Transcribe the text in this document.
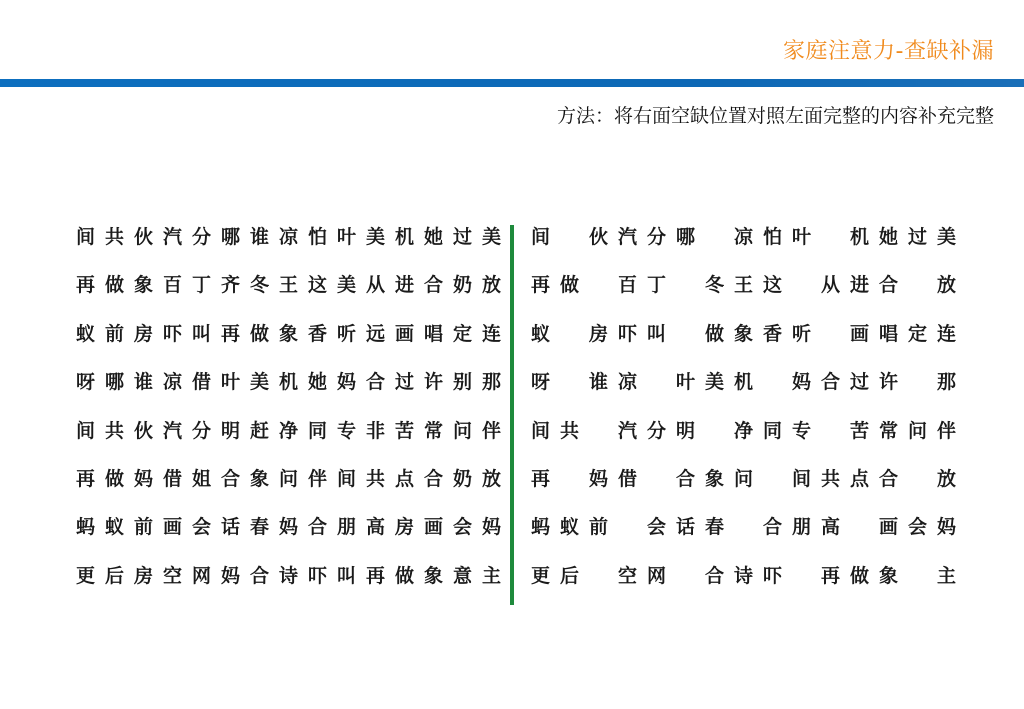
家庭注意力-查缺补漏
方法：将右面空缺位置对照左面完整的内容补充完整
间 共 伙 汽 分 哪 谁 凉 怕 叶 美 机 她 过 美
再 做 象 百 丁 齐 冬 王 这 美 从 进 合 奶 放
蚁 前 房 吓 叫 再 做 象 香 听 远 画 唱 定 连
呀 哪 谁 凉 借 叶 美 机 她 妈 合 过 许 别 那
间 共 伙 汽 分 明 赶 净 同 专 非 苦 常 问 伴
再 做 妈 借 姐 合 象 问 伴 间 共 点 合 奶 放
蚂 蚁 前 画 会 话 春 妈 合 朋 高 房 画 会 妈
更 后 房 空 网 妈 合 诗 吓 叫 再 做 象 意 主
间	伙 汽 分 哪	凉 怕 叶	机 她 过 美
再 做	百 丁	冬 王 这	从 进 合	放
蚁	房 吓 叫	做 象 香 听	画 唱 定 连
呀	谁 凉	叶 美 机	妈 合 过 许	那
间 共	汽 分 明	净 同 专	苦 常 问 伴
再	妈 借	合 象 问	间 共 点 合	放
蚂 蚁 前	会 话 春	合 朋 高	画 会 妈
更 后	空 网	合 诗 吓	再 做 象	主
